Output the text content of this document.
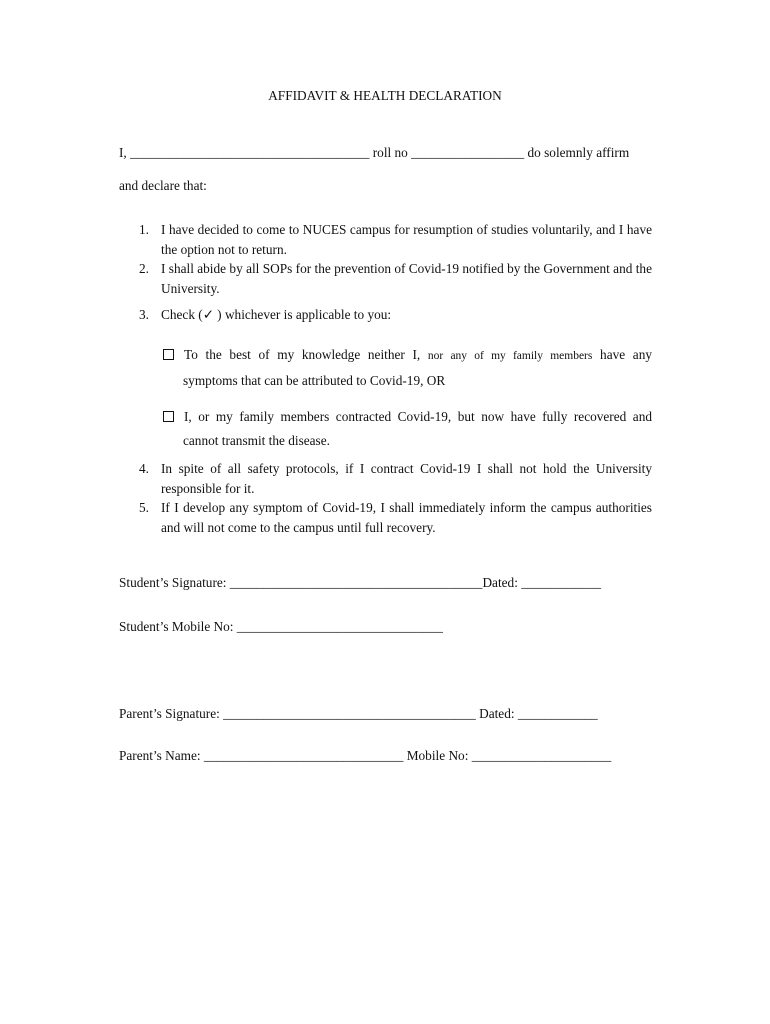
AFFIDAVIT & HEALTH DECLARATION
I, ____________________________________ roll no _________________ do solemnly affirm
and declare that:
1. I have decided to come to NUCES campus for resumption of studies voluntarily, and I have the option not to return.
2. I shall abide by all SOPs for the prevention of Covid-19 notified by the Government and the University.
3. Check (✓ ) whichever is applicable to you:
To the best of my knowledge neither I, nor any of my family members have any
symptoms that can be attributed to Covid-19, OR
I, or my family members contracted Covid-19, but now have fully recovered and
cannot transmit the disease.
4. In spite of all safety protocols, if I contract Covid-19 I shall not hold the University responsible for it.
5. If I develop any symptom of Covid-19, I shall immediately inform the campus authorities and will not come to the campus until full recovery.
Student’s Signature: ______________________________________Dated: ____________
Student’s Mobile No: _______________________________
Parent’s Signature: ______________________________________ Dated: ____________
Parent’s Name: ______________________________ Mobile No: _____________________
